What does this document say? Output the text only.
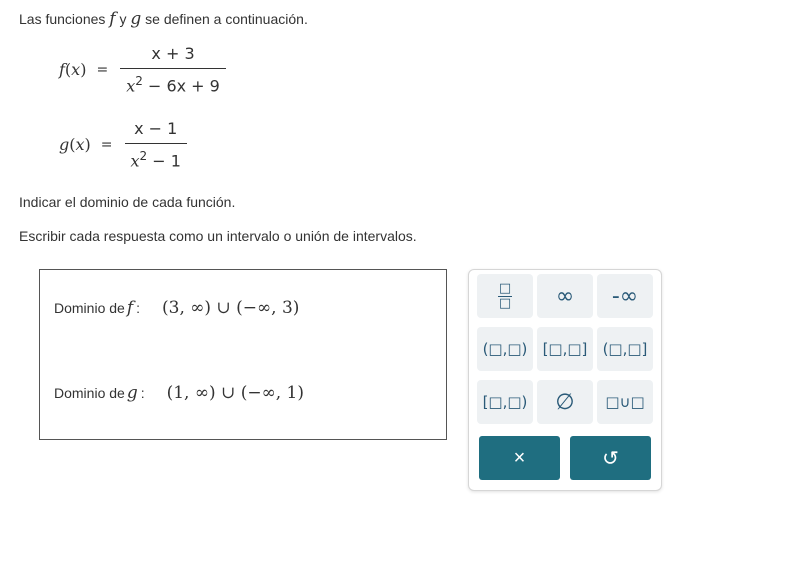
Las funciones f y g se definen a continuación.
f ( x ) = $\frac{x + 3}{x^2 - 6x + 9}$
g ( x ) = $\frac{x - 1}{x^2 - 1}$
Indicar el dominio de cada función.
Escribir cada respuesta como un intervalo o unión de intervalos.
Dominio de f : (3, ∞) ∪ (−∞, 3)
Dominio de g : (1, ∞) ∪ (−∞, 1)
□
□	∞	-∞
(□,□)	[□,□]	(□,□]
[□,□)	∅	□∪□
×	↺
